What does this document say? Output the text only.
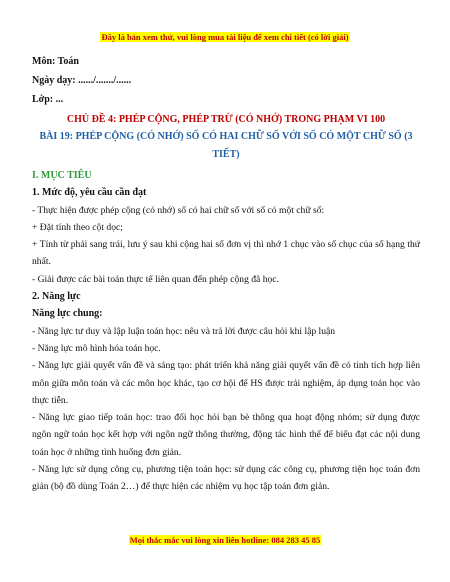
Đây là bản xem thử, vui lòng mua tài liệu để xem chi tiết (có lời giải)
Môn: Toán
Ngày dạy: ....../......./......
Lớp: ...
CHỦ ĐỀ 4: PHÉP CỘNG, PHÉP TRỪ (CÓ NHỚ) TRONG PHẠM VI 100
BÀI 19: PHÉP CỘNG (CÓ NHỚ) SỐ CÓ HAI CHỮ SỐ VỚI SỐ CÓ MỘT CHỮ SỐ (3 TIẾT)
I. MỤC TIÊU
1. Mức độ, yêu cầu cần đạt
- Thực hiện được phép cộng (có nhớ) số có hai chữ số với số có một chữ số:
+ Đặt tính theo cột dọc;
+ Tính từ phải sang trái, lưu ý sau khi cộng hai số đơn vị thì nhớ 1 chục vào số chục của số hạng thứ nhất.
- Giải được các bài toán thực tế liên quan đến phép cộng đã học.
2. Năng lực
Năng lực chung:
- Năng lực tư duy và lập luận toán học: nêu và trả lời được câu hỏi khi lập luận
- Năng lực mô hình hóa toán học.
- Năng lực giải quyết vấn đề và sáng tạo: phát triển khả năng giải quyết vấn đề có tính tích hợp liên môn giữa môn toán và các môn học khác, tạo cơ hội để HS được trải nghiệm, áp dụng toán học vào thực tiễn.
- Năng lực giao tiếp toán học: trao đổi học hỏi bạn bè thông qua hoạt động nhóm; sử dụng được ngôn ngữ toán học kết hợp với ngôn ngữ thông thường, động tác hình thể để biểu đạt các nội dung toán học ở những tình huống đơn giản.
- Năng lực sử dụng công cụ, phương tiện toán học: sử dụng các công cụ, phương tiện học toán đơn giản (bộ đồ dùng Toán 2…) để thực hiện các nhiệm vụ học tập toán đơn giản.
Mọi thắc mắc vui lòng xin liên hotline: 084 283 45 85
